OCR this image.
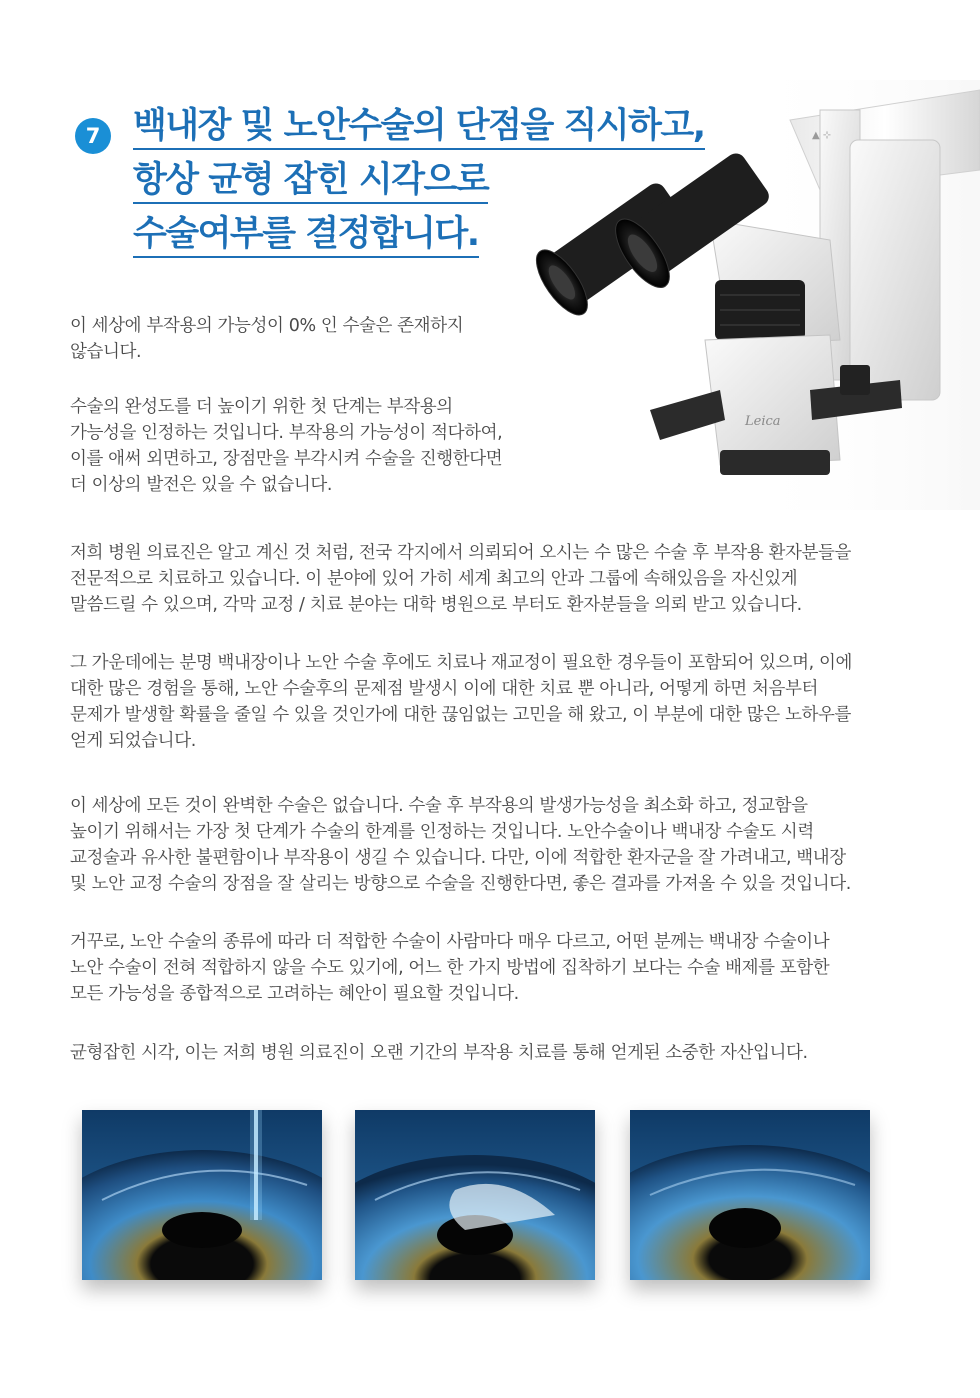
7 백내장 및 노안수술의 단점을 직시하고,
항상 균형 잡힌 시각으로
수술여부를 결정합니다.
▲ ⊹
Leica
이 세상에 부작용의 가능성이 0% 인 수술은 존재하지
않습니다.
수술의 완성도를 더 높이기 위한 첫 단계는 부작용의
가능성을 인정하는 것입니다. 부작용의 가능성이 적다하여,
이를 애써 외면하고, 장점만을 부각시켜 수술을 진행한다면
더 이상의 발전은 있을 수 없습니다.
저희 병원 의료진은 알고 계신 것 처럼, 전국 각지에서 의뢰되어 오시는 수 많은 수술 후 부작용 환자분들을
전문적으로 치료하고 있습니다. 이 분야에 있어 가히 세계 최고의 안과 그룹에 속해있음을 자신있게
말씀드릴 수 있으며, 각막 교정 / 치료 분야는 대학 병원으로 부터도 환자분들을 의뢰 받고 있습니다.
그 가운데에는 분명 백내장이나 노안 수술 후에도 치료나 재교정이 필요한 경우들이 포함되어 있으며, 이에
대한 많은 경험을 통해, 노안 수술후의 문제점 발생시 이에 대한 치료 뿐 아니라, 어떻게 하면 처음부터
문제가 발생할 확률을 줄일 수 있을 것인가에 대한 끊임없는 고민을 해 왔고, 이 부분에 대한 많은 노하우를
얻게 되었습니다.
이 세상에 모든 것이 완벽한 수술은 없습니다. 수술 후 부작용의 발생가능성을 최소화 하고, 정교함을
높이기 위해서는 가장 첫 단계가 수술의 한계를 인정하는 것입니다. 노안수술이나 백내장 수술도 시력
교정술과 유사한 불편함이나 부작용이 생길 수 있습니다. 다만, 이에 적합한 환자군을 잘 가려내고, 백내장
및 노안 교정 수술의 장점을 잘 살리는 방향으로 수술을 진행한다면, 좋은 결과를 가져올 수 있을 것입니다.
거꾸로, 노안 수술의 종류에 따라 더 적합한 수술이 사람마다 매우 다르고, 어떤 분께는 백내장 수술이나
노안 수술이 전혀 적합하지 않을 수도 있기에, 어느 한 가지 방법에 집착하기 보다는 수술 배제를 포함한
모든 가능성을 종합적으로 고려하는 혜안이 필요할 것입니다.
균형잡힌 시각, 이는 저희 병원 의료진이 오랜 기간의 부작용 치료를 통해 얻게된 소중한 자산입니다.
